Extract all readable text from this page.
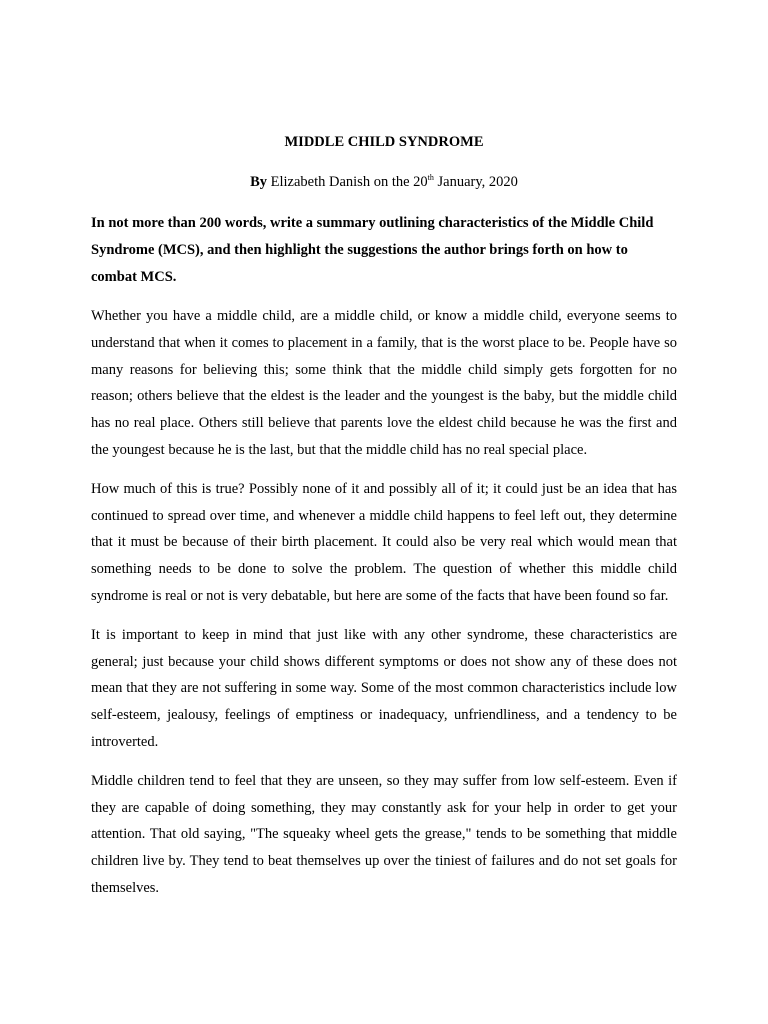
MIDDLE CHILD SYNDROME
By Elizabeth Danish on the 20th January, 2020

In not more than 200 words, write a summary outlining characteristics of the Middle Child Syndrome (MCS), and then highlight the suggestions the author brings forth on how to combat MCS.

Whether you have a middle child, are a middle child, or know a middle child, everyone seems to understand that when it comes to placement in a family, that is the worst place to be. People have so many reasons for believing this; some think that the middle child simply gets forgotten for no reason; others believe that the eldest is the leader and the youngest is the baby, but the middle child has no real place. Others still believe that parents love the eldest child because he was the first and the youngest because he is the last, but that the middle child has no real special place.

How much of this is true? Possibly none of it and possibly all of it; it could just be an idea that has continued to spread over time, and whenever a middle child happens to feel left out, they determine that it must be because of their birth placement. It could also be very real which would mean that something needs to be done to solve the problem. The question of whether this middle child syndrome is real or not is very debatable, but here are some of the facts that have been found so far.

It is important to keep in mind that just like with any other syndrome, these characteristics are general; just because your child shows different symptoms or does not show any of these does not mean that they are not suffering in some way. Some of the most common characteristics include low self-esteem, jealousy, feelings of emptiness or inadequacy, unfriendliness, and a tendency to be introverted.

Middle children tend to feel that they are unseen, so they may suffer from low self-esteem. Even if they are capable of doing something, they may constantly ask for your help in order to get your attention. That old saying, "The squeaky wheel gets the grease," tends to be something that middle children live by. They tend to beat themselves up over the tiniest of failures and do not set goals for themselves.
